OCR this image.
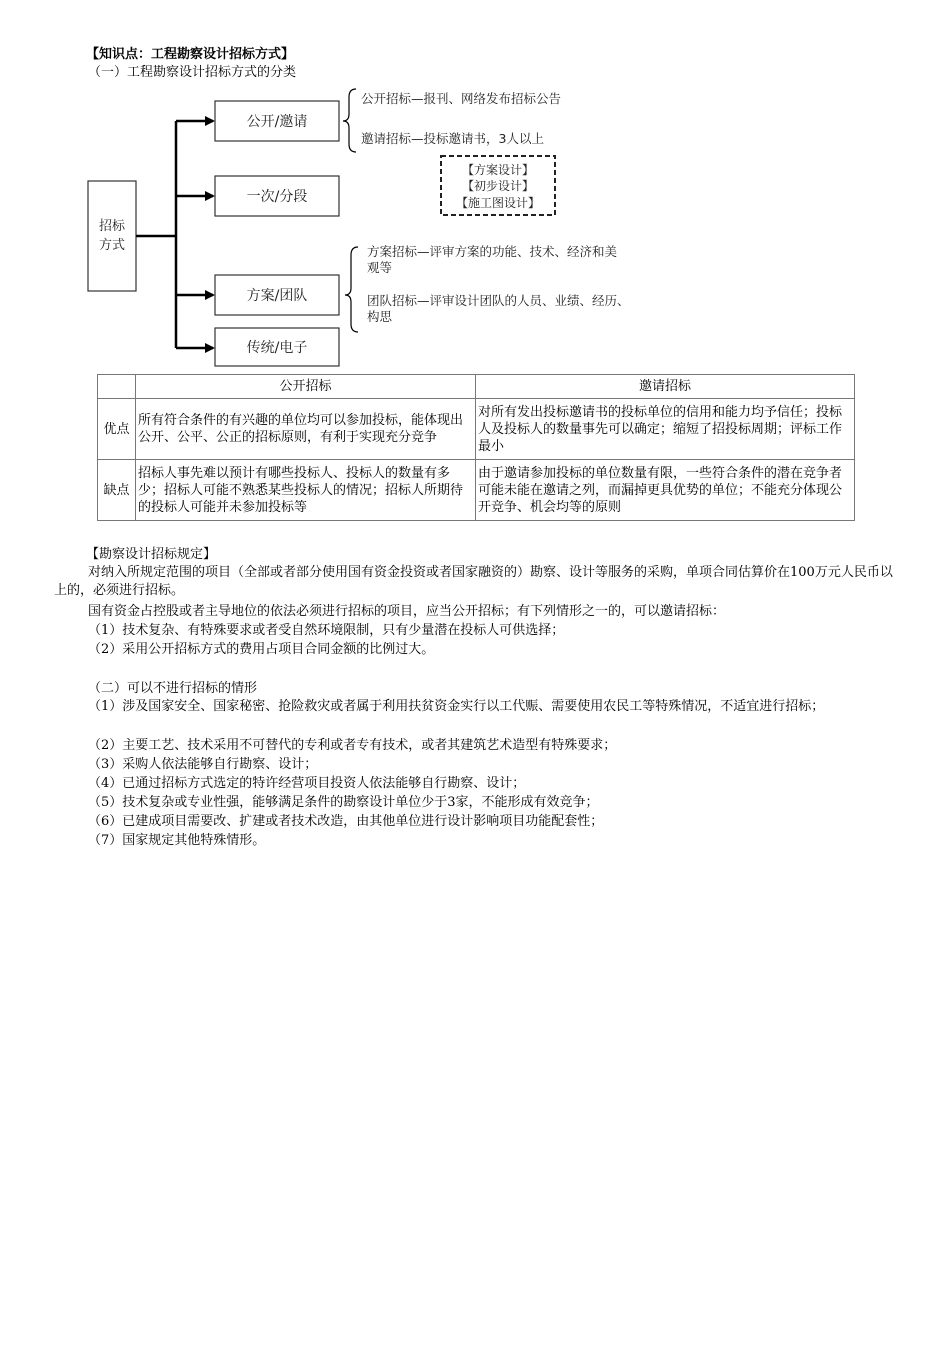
【知识点：工程勘察设计招标方式】
（一）工程勘察设计招标方式的分类
招标
方式
公开/邀请
一次/分段
方案/团队
传统/电子
公开招标—报刊、网络发布招标公告
邀请招标—投标邀请书，3人以上
【方案设计】
【初步设计】
【施工图设计】
方案招标—评审方案的功能、技术、经济和美
观等
团队招标—评审设计团队的人员、业绩、经历、
构思
	公开招标	邀请招标
优点	所有符合条件的有兴趣的单位均可以参加投标，能体现出公开、公平、公正的招标原则，有利于实现充分竞争	对所有发出投标邀请书的投标单位的信用和能力均予信任；投标人及投标人的数量事先可以确定；缩短了招投标周期；评标工作最小
缺点	招标人事先难以预计有哪些投标人、投标人的数量有多少；招标人可能不熟悉某些投标人的情况；招标人所期待的投标人可能并未参加投标等	由于邀请参加投标的单位数量有限，一些符合条件的潜在竞争者可能未能在邀请之列，而漏掉更具优势的单位；不能充分体现公开竞争、机会均等的原则
【勘察设计招标规定】
对纳入所规定范围的项目（全部或者部分使用国有资金投资或者国家融资的）勘察、设计等服务的采购，单项合同估算价在100万元人民币以上的，必须进行招标。
国有资金占控股或者主导地位的依法必须进行招标的项目，应当公开招标；有下列情形之一的，可以邀请招标：
（1）技术复杂、有特殊要求或者受自然环境限制，只有少量潜在投标人可供选择；
（2）采用公开招标方式的费用占项目合同金额的比例过大。
（二）可以不进行招标的情形
（1）涉及国家安全、国家秘密、抢险救灾或者属于利用扶贫资金实行以工代赈、需要使用农民工等特殊情况，不适宜进行招标；
（2）主要工艺、技术采用不可替代的专利或者专有技术，或者其建筑艺术造型有特殊要求；
（3）采购人依法能够自行勘察、设计；
（4）已通过招标方式选定的特许经营项目投资人依法能够自行勘察、设计；
（5）技术复杂或专业性强，能够满足条件的勘察设计单位少于3家，不能形成有效竞争；
（6）已建成项目需要改、扩建或者技术改造，由其他单位进行设计影响项目功能配套性；
（7）国家规定其他特殊情形。
